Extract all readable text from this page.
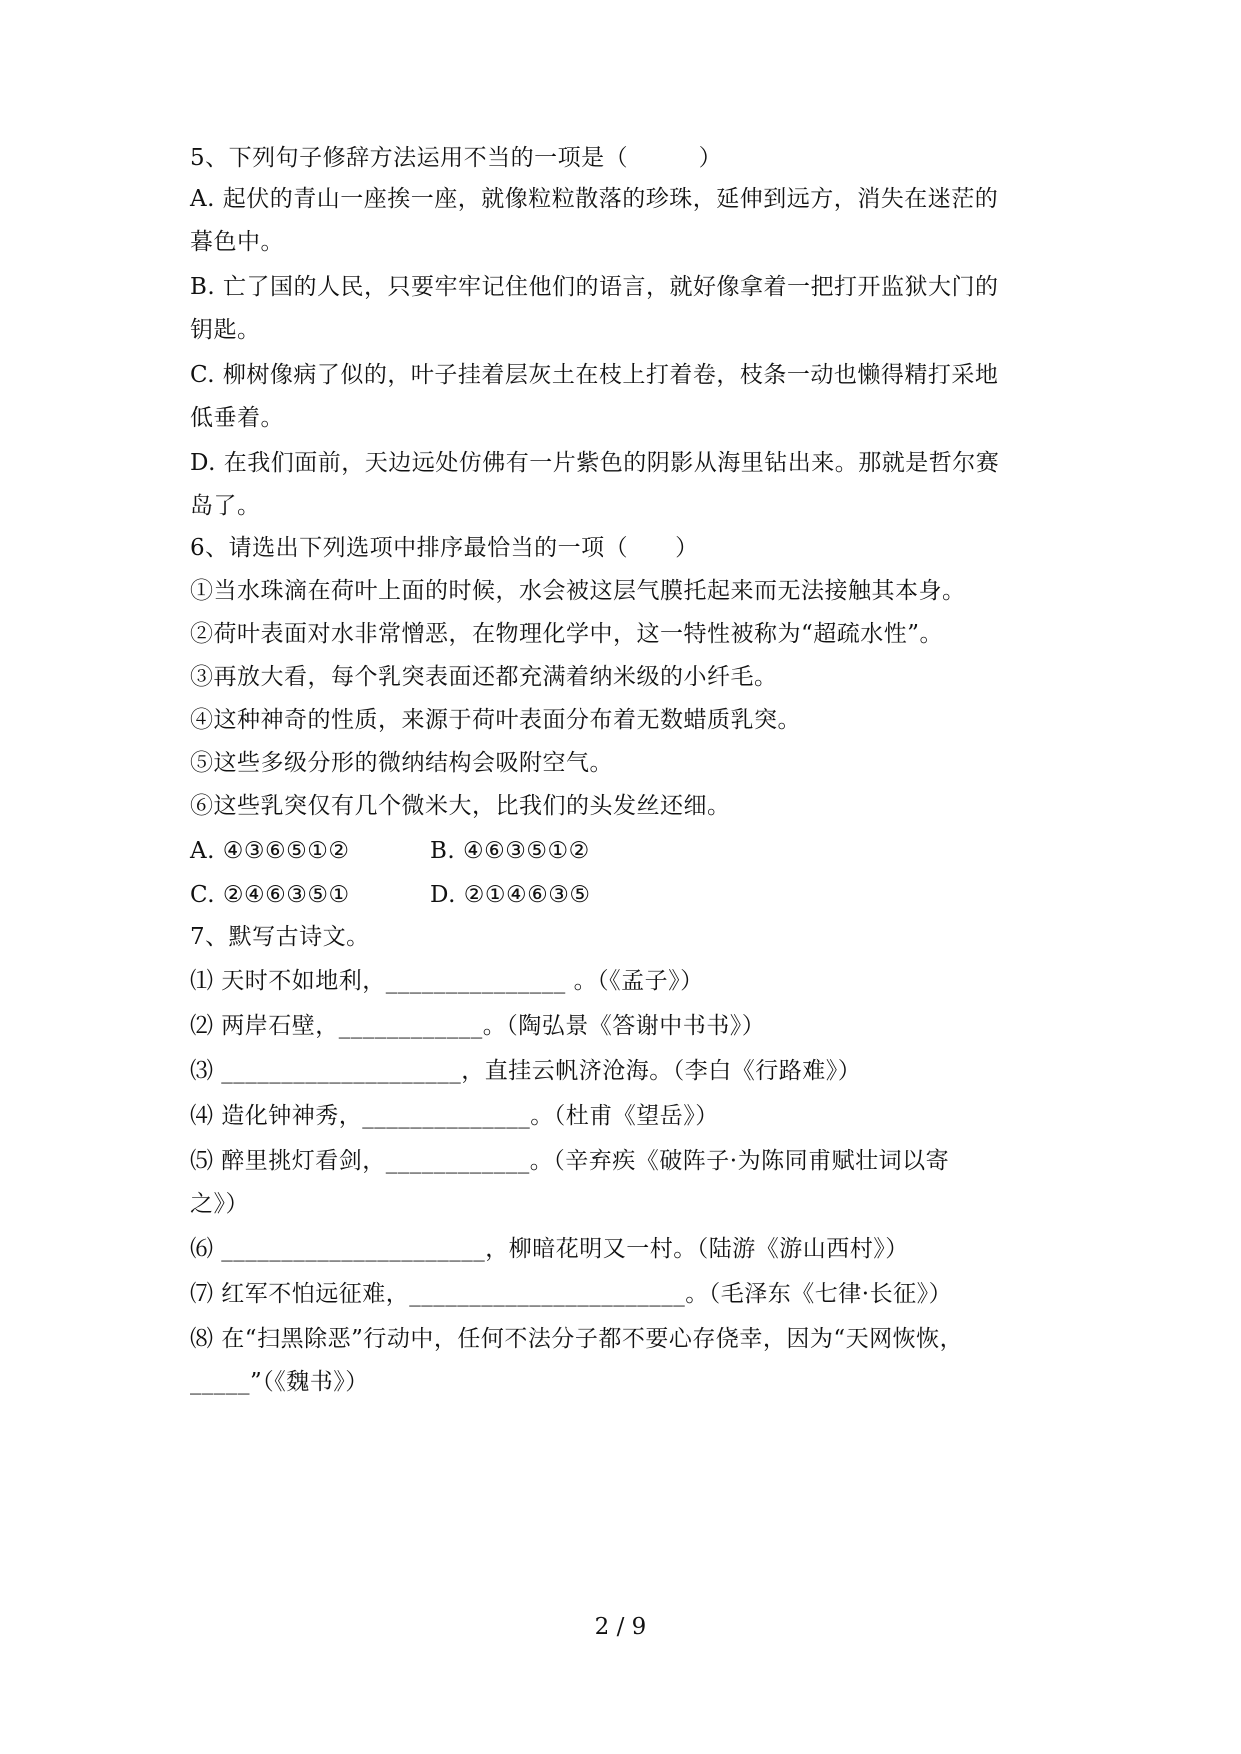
5、下列句子修辞方法运用不当的一项是（　　　）
A. 起伏的青山一座挨一座，就像粒粒散落的珍珠，延伸到远方，消失在迷茫的
暮色中。
B. 亡了国的人民，只要牢牢记住他们的语言，就好像拿着一把打开监狱大门的
钥匙。
C. 柳树像病了似的，叶子挂着层灰土在枝上打着卷，枝条一动也懒得精打采地
低垂着。
D. 在我们面前，天边远处仿佛有一片紫色的阴影从海里钻出来。那就是哲尔赛
岛了。
6、请选出下列选项中排序最恰当的一项（　　）
①当水珠滴在荷叶上面的时候，水会被这层气膜托起来而无法接触其本身。
②荷叶表面对水非常憎恶，在物理化学中，这一特性被称为“超疏水性”。
③再放大看，每个乳突表面还都充满着纳米级的小纤毛。
④这种神奇的性质，来源于荷叶表面分布着无数蜡质乳突。
⑤这些多级分形的微纳结构会吸附空气。
⑥这些乳突仅有几个微米大，比我们的头发丝还细。
A. ④③⑥⑤①②	B. ④⑥③⑤①②
C. ②④⑥③⑤①	D. ②①④⑥③⑤
7、默写古诗文。
⑴ 天时不如地利，_______________ 。（《孟子》）
⑵ 两岸石壁，____________。（陶弘景《答谢中书书》）
⑶ ____________________，直挂云帆济沧海。（李白《行路难》）
⑷ 造化钟神秀，______________。（杜甫《望岳》）
⑸ 醉里挑灯看剑，____________。（辛弃疾《破阵子·为陈同甫赋壮词以寄
之》）
⑹ ______________________，柳暗花明又一村。（陆游《游山西村》）
⑺ 红军不怕远征难，_______________________。（毛泽东《七律·长征》）
⑻ 在“扫黑除恶”行动中，任何不法分子都不要心存侥幸，因为“天网恢恢，
_____”（《魏书》）
2 / 9
